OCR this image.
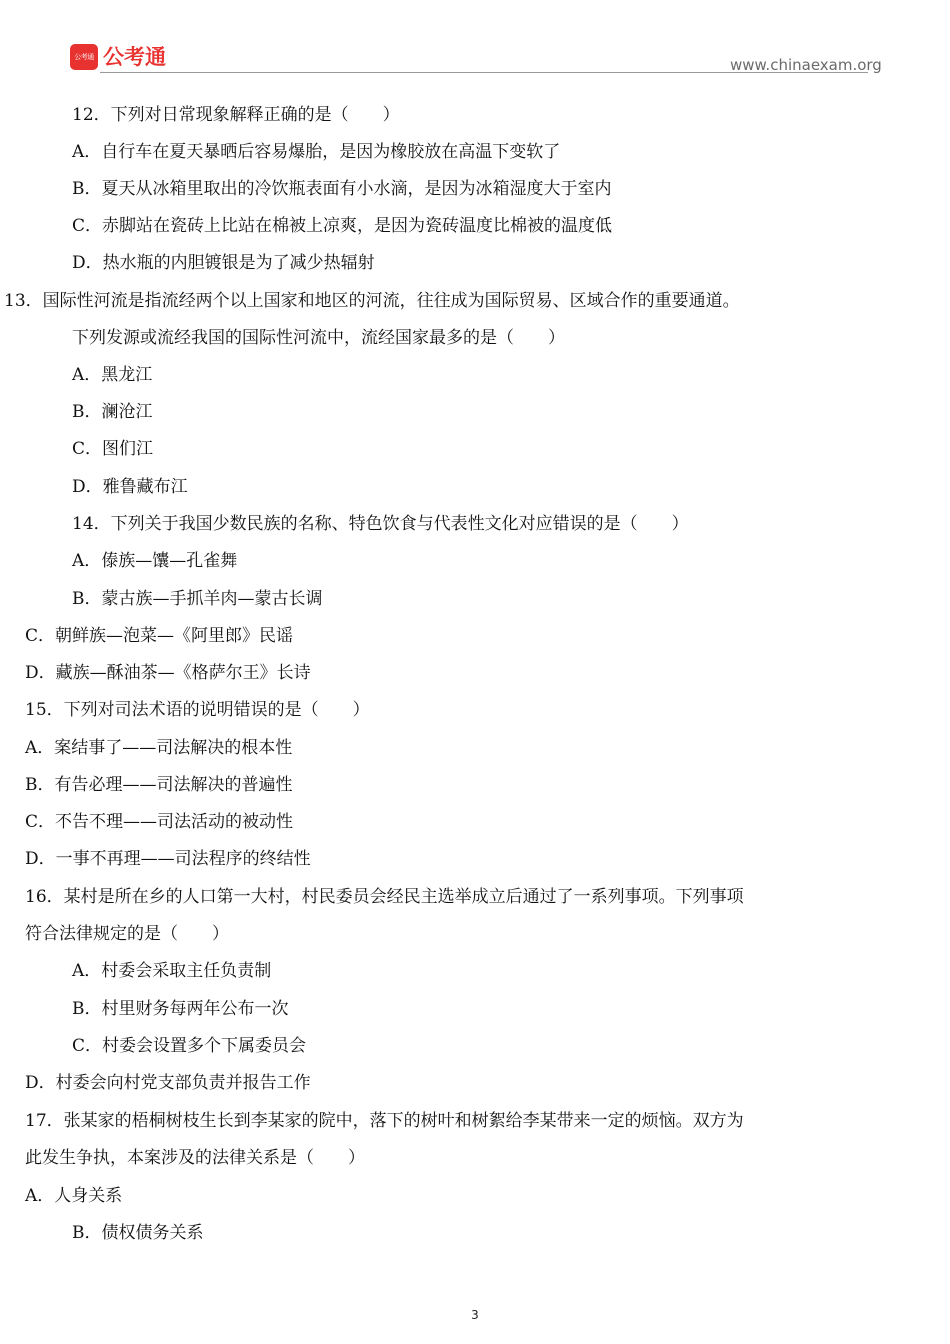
公考通 公考通	www.chinaexam.org
12．下列对日常现象解释正确的是（　　）
A．自行车在夏天暴晒后容易爆胎，是因为橡胶放在高温下变软了
B．夏天从冰箱里取出的冷饮瓶表面有小水滴，是因为冰箱湿度大于室内
C．赤脚站在瓷砖上比站在棉被上凉爽，是因为瓷砖温度比棉被的温度低
D．热水瓶的内胆镀银是为了减少热辐射
13．国际性河流是指流经两个以上国家和地区的河流，往往成为国际贸易、区域合作的重要通道。
下列发源或流经我国的国际性河流中，流经国家最多的是（　　）
A．黑龙江
B．澜沧江
C．图们江
D．雅鲁藏布江
14．下列关于我国少数民族的名称、特色饮食与代表性文化对应错误的是（　　）
A．傣族—馕—孔雀舞
B．蒙古族—手抓羊肉—蒙古长调
C．朝鲜族—泡菜—《阿里郎》民谣
D．藏族—酥油茶—《格萨尔王》长诗
15．下列对司法术语的说明错误的是（　　）
A．案结事了——司法解决的根本性
B．有告必理——司法解决的普遍性
C．不告不理——司法活动的被动性
D．一事不再理——司法程序的终结性
16．某村是所在乡的人口第一大村，村民委员会经民主选举成立后通过了一系列事项。下列事项
符合法律规定的是（　　）
A．村委会采取主任负责制
B．村里财务每两年公布一次
C．村委会设置多个下属委员会
D．村委会向村党支部负责并报告工作
17．张某家的梧桐树枝生长到李某家的院中，落下的树叶和树絮给李某带来一定的烦恼。双方为
此发生争执，本案涉及的法律关系是（　　）
A．人身关系
B．债权债务关系
3
